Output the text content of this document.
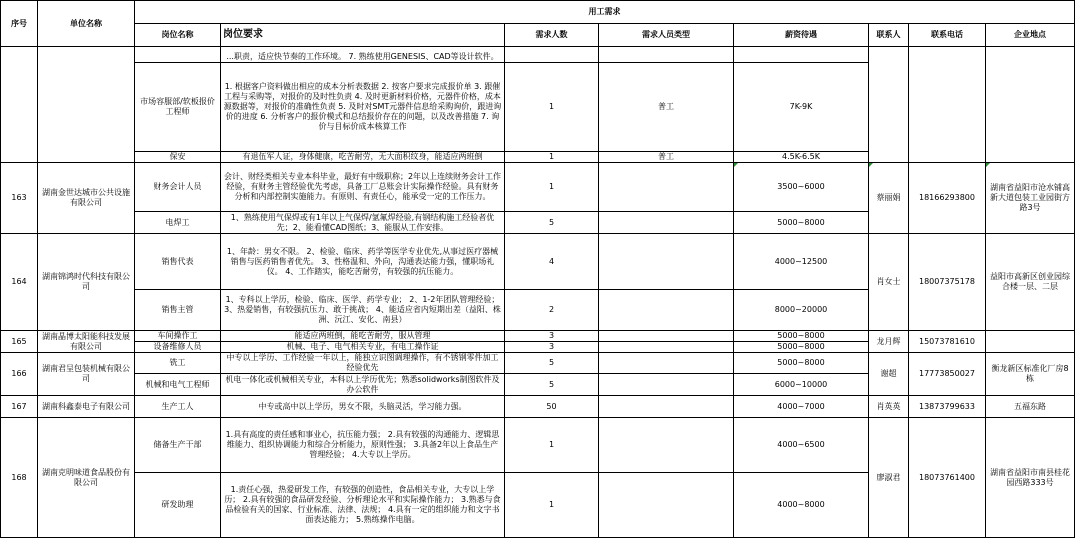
序号	单位名称	用工需求							
		岗位名称	岗位要求	需求人数	需求人员类型	薪资待遇	联系人	联系电话	企业地点
			...职责，适应快节奏的工作环境。 7. 熟练使用GENESIS、CAD等设计软件。						
		市场容服部/软板报价工程师	1. 根据客户资料做出相应的成本分析表数据 2. 按客户要求完成报价单 3. 跟催工程与采购等，对报价的及时性负责 4. 及时更新材料价格，元器件价格，成本源数据等，对报价的准确性负责 5. 及时对SMT元器件信息给采购询价，跟进询价的进度 6. 分析客户的报价模式和总结报价存在的问题，以及改善措施 7. 询价与目标价成本核算工作	1	普工	7K-9K			
		保安	有退伍军人证，身体健康，吃苦耐劳，无大面积纹身，能适应两班倒	1	普工	4.5K-6.5K			
163	湖南金世达城市公共设施有限公司	财务会计人员	会计、财经类相关专业本科毕业，最好有中级职称；2年以上连续财务会计工作经验，有财务主管经验优先考虑，具备工厂总账会计实际操作经验。具有财务分析和内部控制实施能力。有原则、有责任心，能承受一定的工作压力。	1		3500~6000	蔡丽娟	18166293800	湖南省益阳市沧水铺高新大道包装工业园街方路3号
		电焊工	1、熟练使用气保焊或有1年以上气保焊/氩氟焊经验,有钢结构施工经验者优先；2、能看懂CAD图纸；3、能服从工作安排。	5		5000~8000			
164	湖南锦鸿时代科技有限公司	销售代表	1、年龄：男女不限。 2、检验、临床、药学等医学专业优先,从事过医疗器械销售与医药销售者优先。 3、性格温和、外向，沟通表达能力强，懂职场礼仪。 4、工作踏实，能吃苦耐劳，有较强的抗压能力。	4		4000~12500	肖女士	18007375178	益阳市高新区创业园综合楼一层、二层
		销售主管	1、专科以上学历，检验、临床、医学、药学专业； 2、1-2年团队管理经验； 3、热爱销售，有较强抗压力、敢于挑战； 4、能适应省内短期出差（益阳、株洲、沅江、安化、南县）	2		8000~20000			
165	湖南晶博太阳能科技发展有限公司	车间操作工	能适应两班倒，能吃苦耐劳，服从管理	3		5000~8000	龙月辉	15073781610	
		设备维修人员	机械、电子、电气相关专业，有电工操作证	3		5000~8000			
166	湖南君呈包装机械有限公司	铣工	中专以上学历、工作经验一年以上，能独立识图调理操作，有不锈钢零件加工经验优先	5		5000~8000	谢超	17773850027	衡龙新区标准化厂房8栋
		机械和电气工程师	机电一体化或机械相关专业，本科以上学历优先；熟悉solidworks制图软件及办公软件	5		6000~10000			
167	湖南科鑫泰电子有限公司	生产工人	中专或高中以上学历，男女不限，头脑灵活，学习能力强。	50		4000~7000	肖英英	13873799633	五福东路
168	湖南克明味道食品股份有限公司	储备生产干部	1.具有高度的责任感和事业心，抗压能力强； 2.具有较强的沟通能力、逻辑思维能力、组织协调能力和综合分析能力，原则性强； 3.具备2年以上食品生产管理经验； 4.大专以上学历。	1		4000~6500	廖淑君	18073761400	湖南省益阳市南县桂花园西路333号
		研发助理	1.责任心强，热爱研发工作，有较强的创造性，食品相关专业，大专以上学历； 2.具有较强的食品研发经验、分析理论水平和实际操作能力； 3.熟悉与食品检验有关的国家、行业标准、法律、法规； 4.具有一定的组织能力和文字书面表达能力； 5.熟练操作电脑。	1		4000~8000			
